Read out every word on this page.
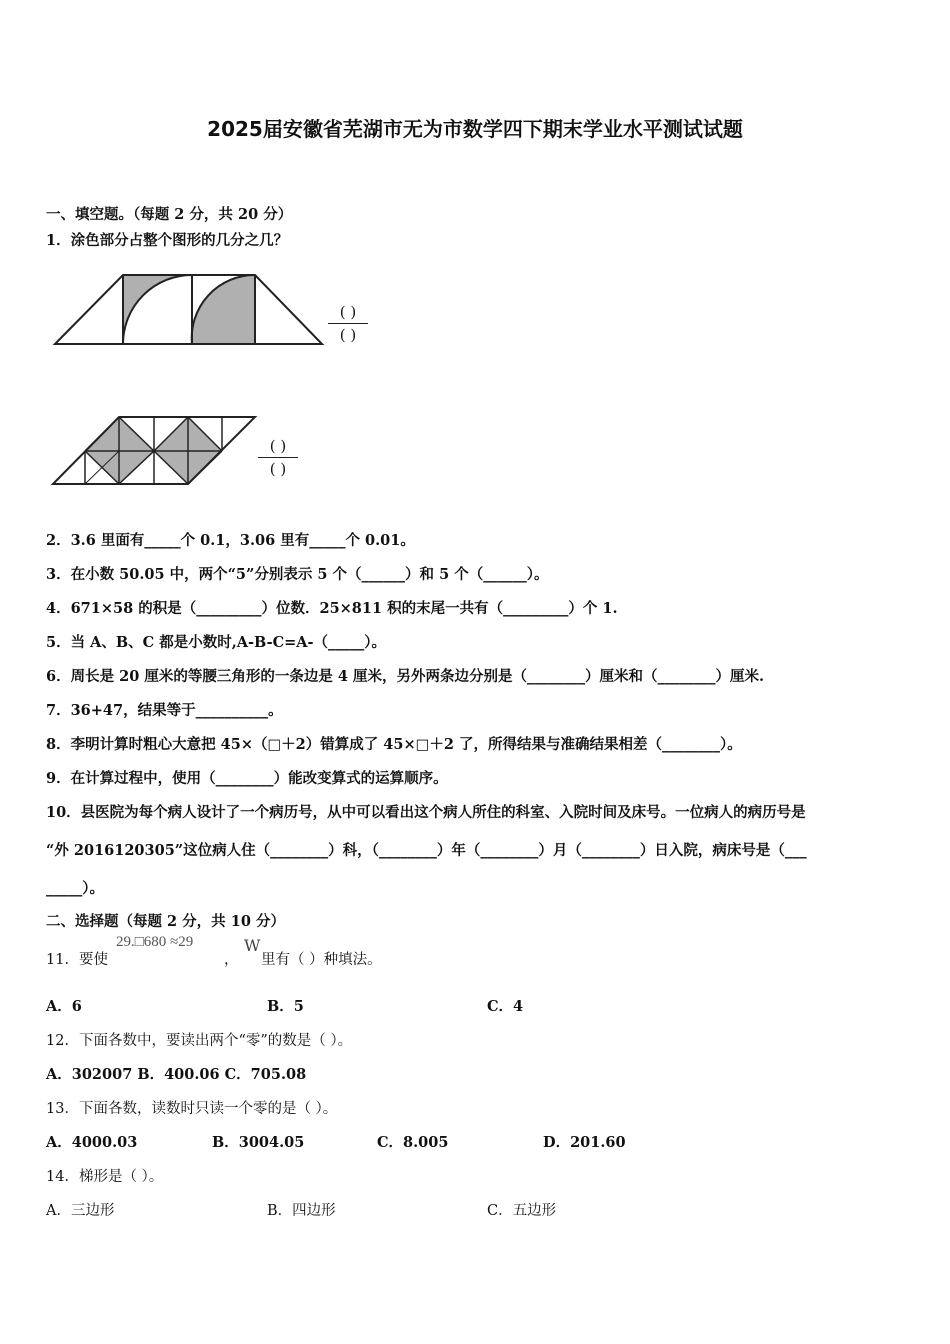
2025届安徽省芜湖市无为市数学四下期末学业水平测试试题
一、填空题。（每题 2 分，共 20 分）
1．涂色部分占整个图形的几分之几？
( )
( )
( )
( )
2．3.6 里面有_____个 0.1，3.06 里有_____个 0.01。
3．在小数 50.05 中，两个“5”分别表示 5 个（______）和 5 个（______）。
4．671×58 的积是（_________）位数．25×811 积的末尾一共有（_________）个 1.
5．当 A、B、C 都是小数时,A-B-C=A-（_____）。
6．周长是 20 厘米的等腰三角形的一条边是 4 厘米，另外两条边分别是（________）厘米和（________）厘米.
7．36+47，结果等于__________。
8．李明计算时粗心大意把 45×（□＋2）错算成了 45×□＋2 了，所得结果与准确结果相差（________）。
9．在计算过程中，使用（________）能改变算式的运算顺序。
10．县医院为每个病人设计了一个病历号，从中可以看出这个病人所住的科室、入院时间及床号。一位病人的病历号是
“外 2016120305”这位病人住（________）科，（________）年（________）月（________）日入院，病床号是（___
_____）。
二、选择题（每题 2 分，共 10 分）
11．要使
29.□680 ≈29
，
W
里有（ ）种填法。
A．6	B．5	C．4
12．下面各数中，要读出两个“零”的数是（ ）。
A．302007 B．400.06 C．705.08
13．下面各数，读数时只读一个零的是（ ）。
A．4000.03	B．3004.05	C．8.005	D．201.60
14．梯形是（ ）。
A．三边形	B．四边形	C．五边形
